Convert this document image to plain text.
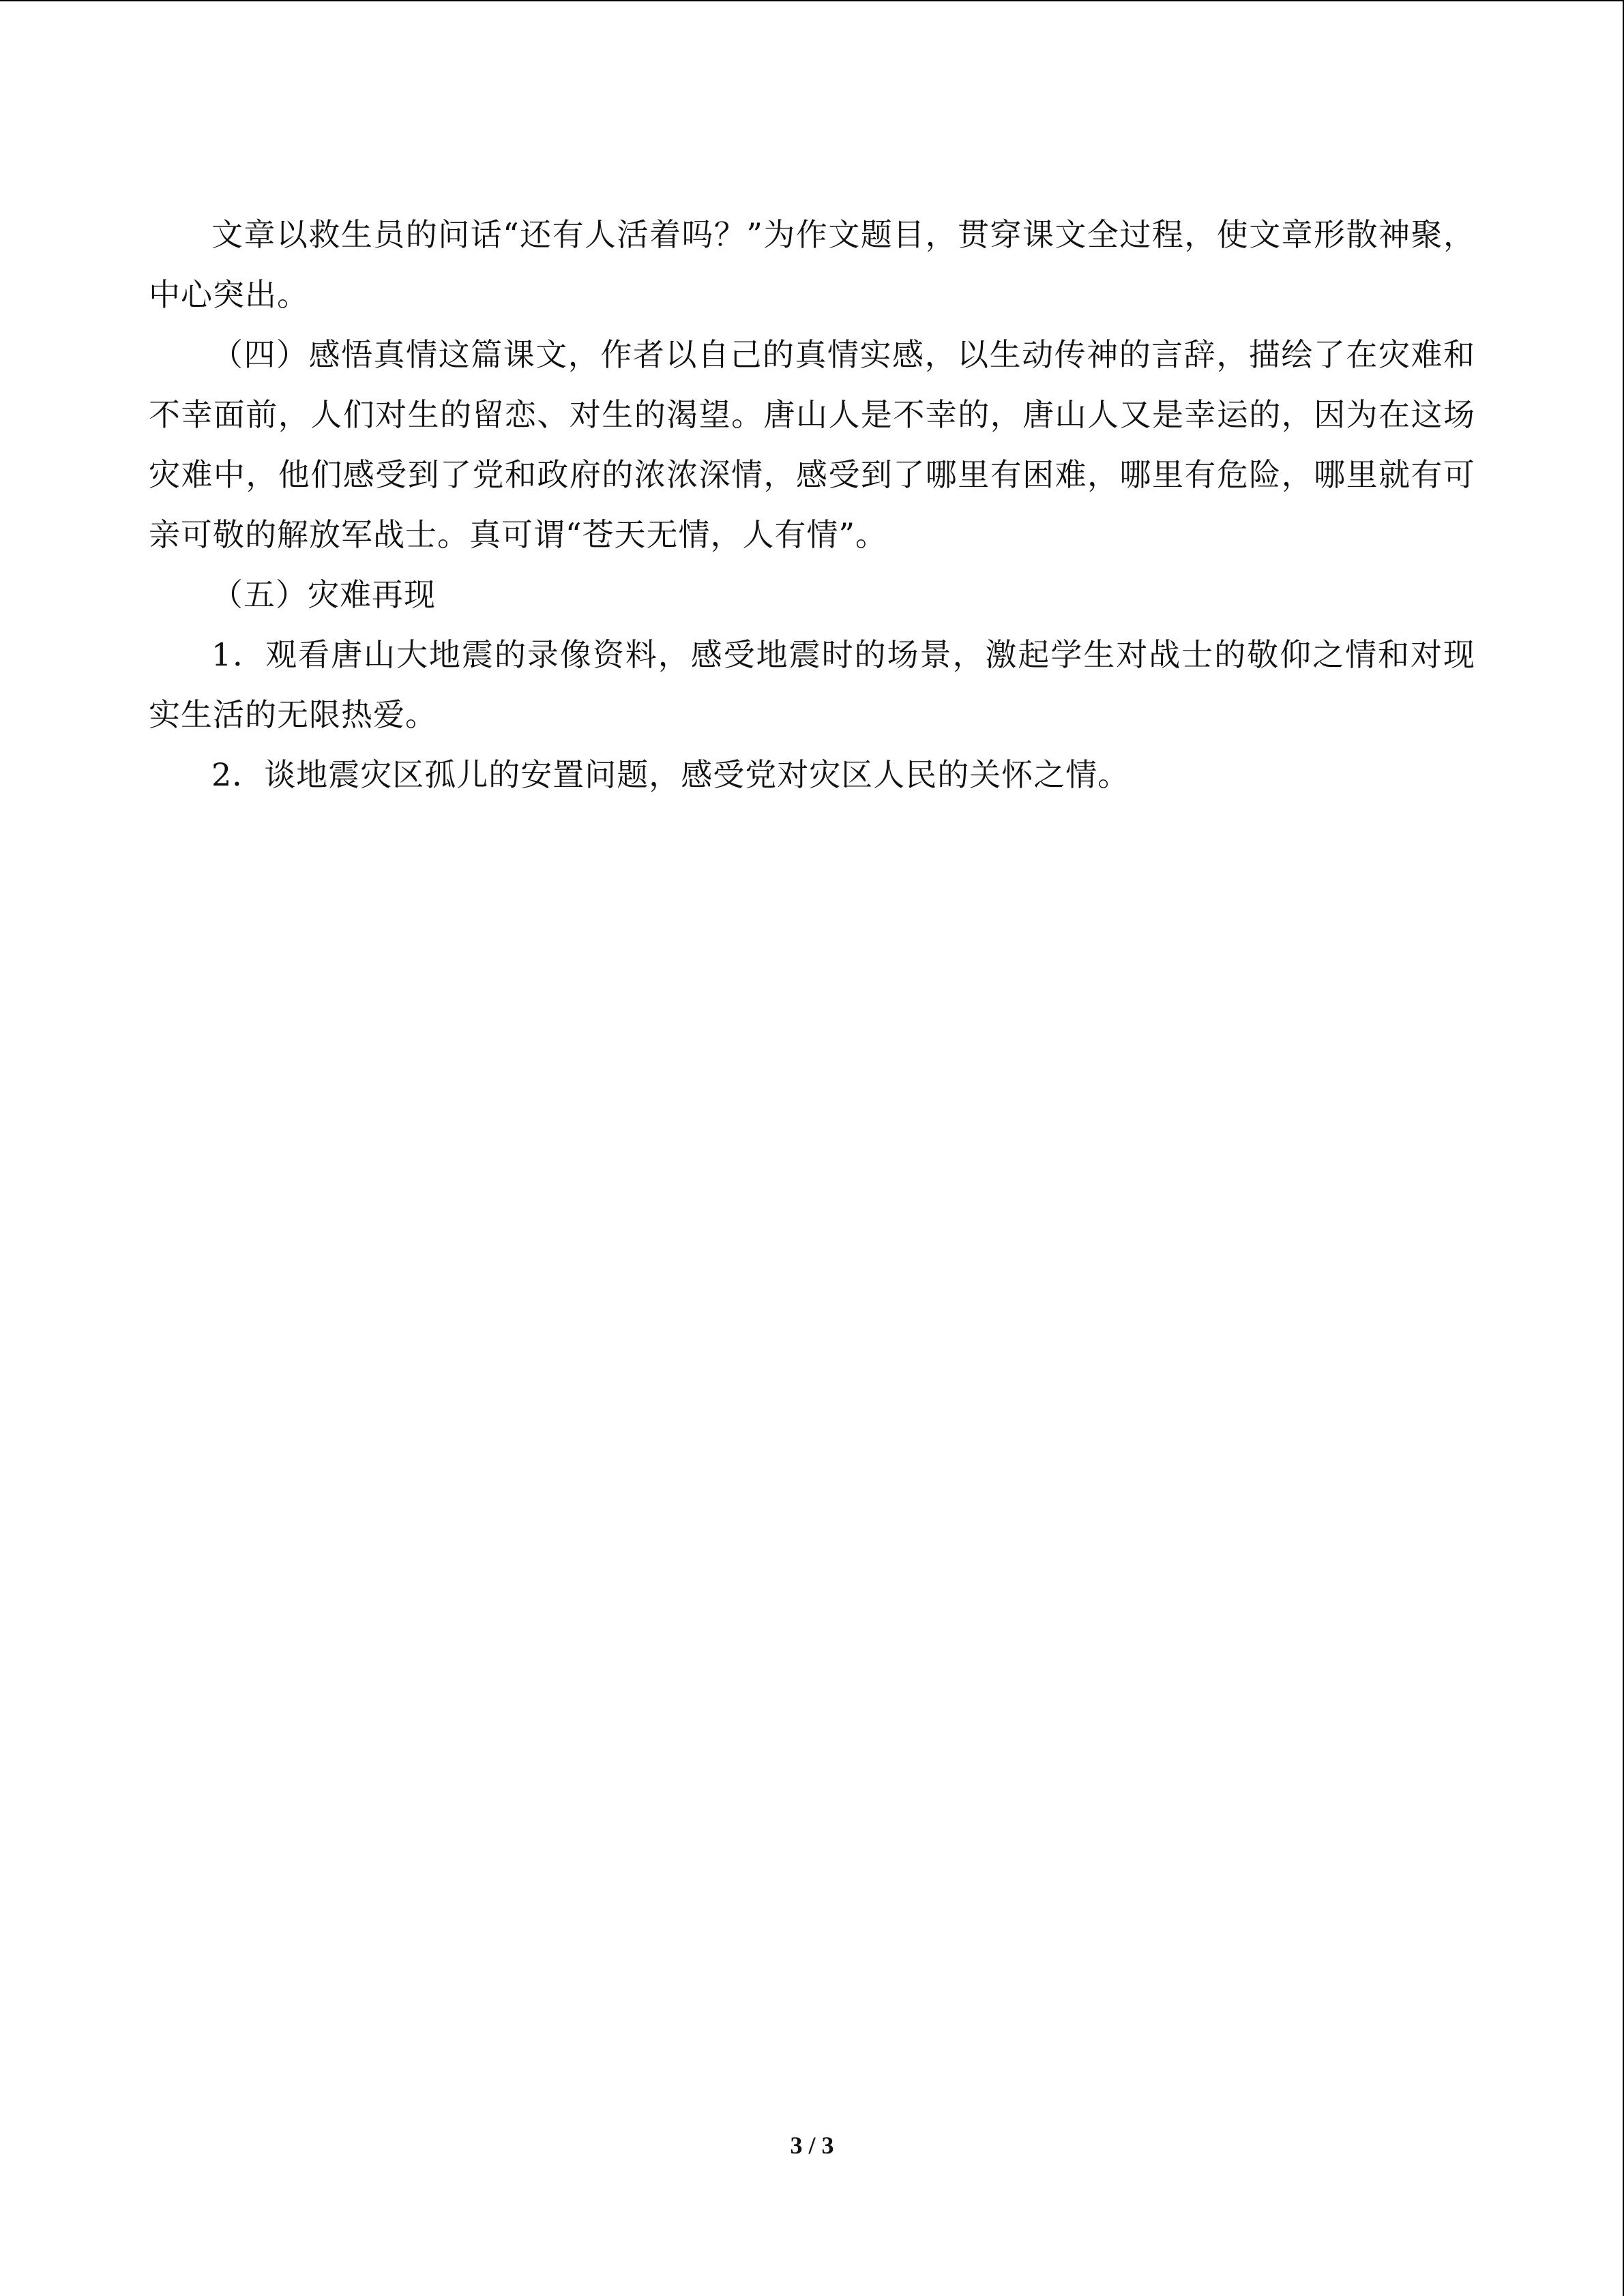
文章以救生员的问话“还有人活着吗？”为作文题目，贯穿课文全过程，使文章形散神聚，中心突出。

（四）感悟真情这篇课文，作者以自己的真情实感，以生动传神的言辞，描绘了在灾难和不幸面前，人们对生的留恋、对生的渴望。唐山人是不幸的，唐山人又是幸运的，因为在这场灾难中，他们感受到了党和政府的浓浓深情，感受到了哪里有困难，哪里有危险，哪里就有可亲可敬的解放军战士。真可谓“苍天无情，人有情”。

（五）灾难再现

1．观看唐山大地震的录像资料，感受地震时的场景，激起学生对战士的敬仰之情和对现实生活的无限热爱。

2．谈地震灾区孤儿的安置问题，感受党对灾区人民的关怀之情。

3 / 3
